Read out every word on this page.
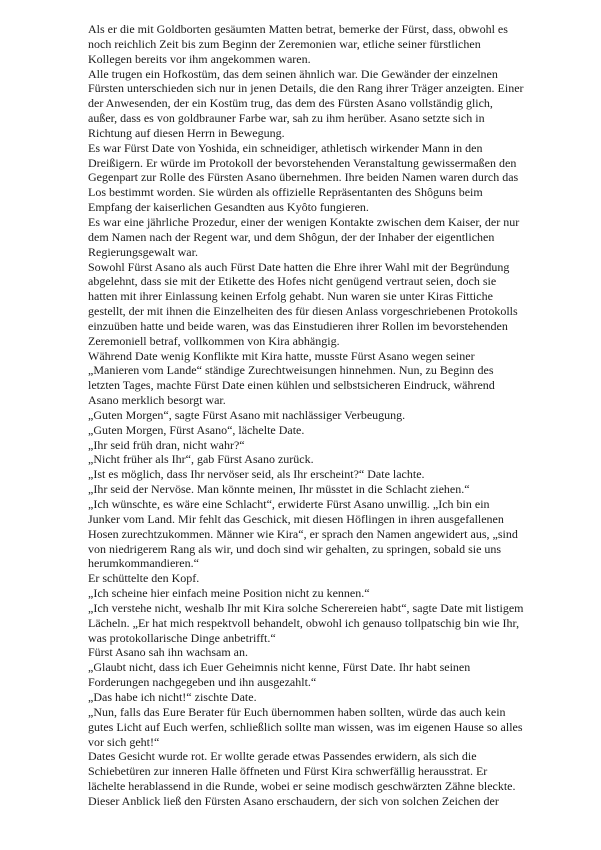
Als er die mit Goldborten gesäumten Matten betrat, bemerke der Fürst, dass, obwohl es noch reichlich Zeit bis zum Beginn der Zeremonien war, etliche seiner fürstlichen Kollegen bereits vor ihm angekommen waren.

Alle trugen ein Hofkostüm, das dem seinen ähnlich war. Die Gewänder der einzelnen Fürsten unterschieden sich nur in jenen Details, die den Rang ihrer Träger anzeigten. Einer der Anwesenden, der ein Kostüm trug, das dem des Fürsten Asano vollständig glich, außer, dass es von goldbrauner Farbe war, sah zu ihm herüber. Asano setzte sich in Richtung auf diesen Herrn in Bewegung.

Es war Fürst Date von Yoshida, ein schneidiger, athletisch wirkender Mann in den Dreißigern. Er würde im Protokoll der bevorstehenden Veranstaltung gewissermaßen den Gegenpart zur Rolle des Fürsten Asano übernehmen. Ihre beiden Namen waren durch das Los bestimmt worden. Sie würden als offizielle Repräsentanten des Shôguns beim Empfang der kaiserlichen Gesandten aus Kyôto fungieren.

Es war eine jährliche Prozedur, einer der wenigen Kontakte zwischen dem Kaiser, der nur dem Namen nach der Regent war, und dem Shôgun, der der Inhaber der eigentlichen Regierungsgewalt war.

Sowohl Fürst Asano als auch Fürst Date hatten die Ehre ihrer Wahl mit der Begründung abgelehnt, dass sie mit der Etikette des Hofes nicht genügend vertraut seien, doch sie hatten mit ihrer Einlassung keinen Erfolg gehabt. Nun waren sie unter Kiras Fittiche gestellt, der mit ihnen die Einzelheiten des für diesen Anlass vorgeschriebenen Protokolls einzuüben hatte und beide waren, was das Einstudieren ihrer Rollen im bevorstehenden Zeremoniell betraf, vollkommen von Kira abhängig.

Während Date wenig Konflikte mit Kira hatte, musste Fürst Asano wegen seiner „Manieren vom Lande“ ständige Zurechtweisungen hinnehmen. Nun, zu Beginn des letzten Tages, machte Fürst Date einen kühlen und selbstsicheren Eindruck, während Asano merklich besorgt war.

„Guten Morgen“, sagte Fürst Asano mit nachlässiger Verbeugung.

„Guten Morgen, Fürst Asano“, lächelte Date.

„Ihr seid früh dran, nicht wahr?“

„Nicht früher als Ihr“, gab Fürst Asano zurück.

„Ist es möglich, dass Ihr nervöser seid, als Ihr erscheint?“ Date lachte.

„Ihr seid der Nervöse. Man könnte meinen, Ihr müsstet in die Schlacht ziehen.“

„Ich wünschte, es wäre eine Schlacht“, erwiderte Fürst Asano unwillig. „Ich bin ein Junker vom Land. Mir fehlt das Geschick, mit diesen Höflingen in ihren ausgefallenen Hosen zurechtzukommen. Männer wie Kira“, er sprach den Namen angewidert aus, „sind von niedrigerem Rang als wir, und doch sind wir gehalten, zu springen, sobald sie uns herumkommandieren.“

Er schüttelte den Kopf.

„Ich scheine hier einfach meine Position nicht zu kennen.“

„Ich verstehe nicht, weshalb Ihr mit Kira solche Scherereien habt“, sagte Date mit listigem Lächeln. „Er hat mich respektvoll behandelt, obwohl ich genauso tollpatschig bin wie Ihr, was protokollarische Dinge anbetrifft.“

Fürst Asano sah ihn wachsam an.

„Glaubt nicht, dass ich Euer Geheimnis nicht kenne, Fürst Date. Ihr habt seinen Forderungen nachgegeben und ihn ausgezahlt.“

„Das habe ich nicht!“ zischte Date.

„Nun, falls das Eure Berater für Euch übernommen haben sollten, würde das auch kein gutes Licht auf Euch werfen, schließlich sollte man wissen, was im eigenen Hause so alles vor sich geht!“

Dates Gesicht wurde rot. Er wollte gerade etwas Passendes erwidern, als sich die Schiebetüren zur inneren Halle öffneten und Fürst Kira schwerfällig herausstrat. Er lächelte herablassend in die Runde, wobei er seine modisch geschwärzten Zähne bleckte.

Dieser Anblick ließ den Fürsten Asano erschaudern, der sich von solchen Zeichen der
